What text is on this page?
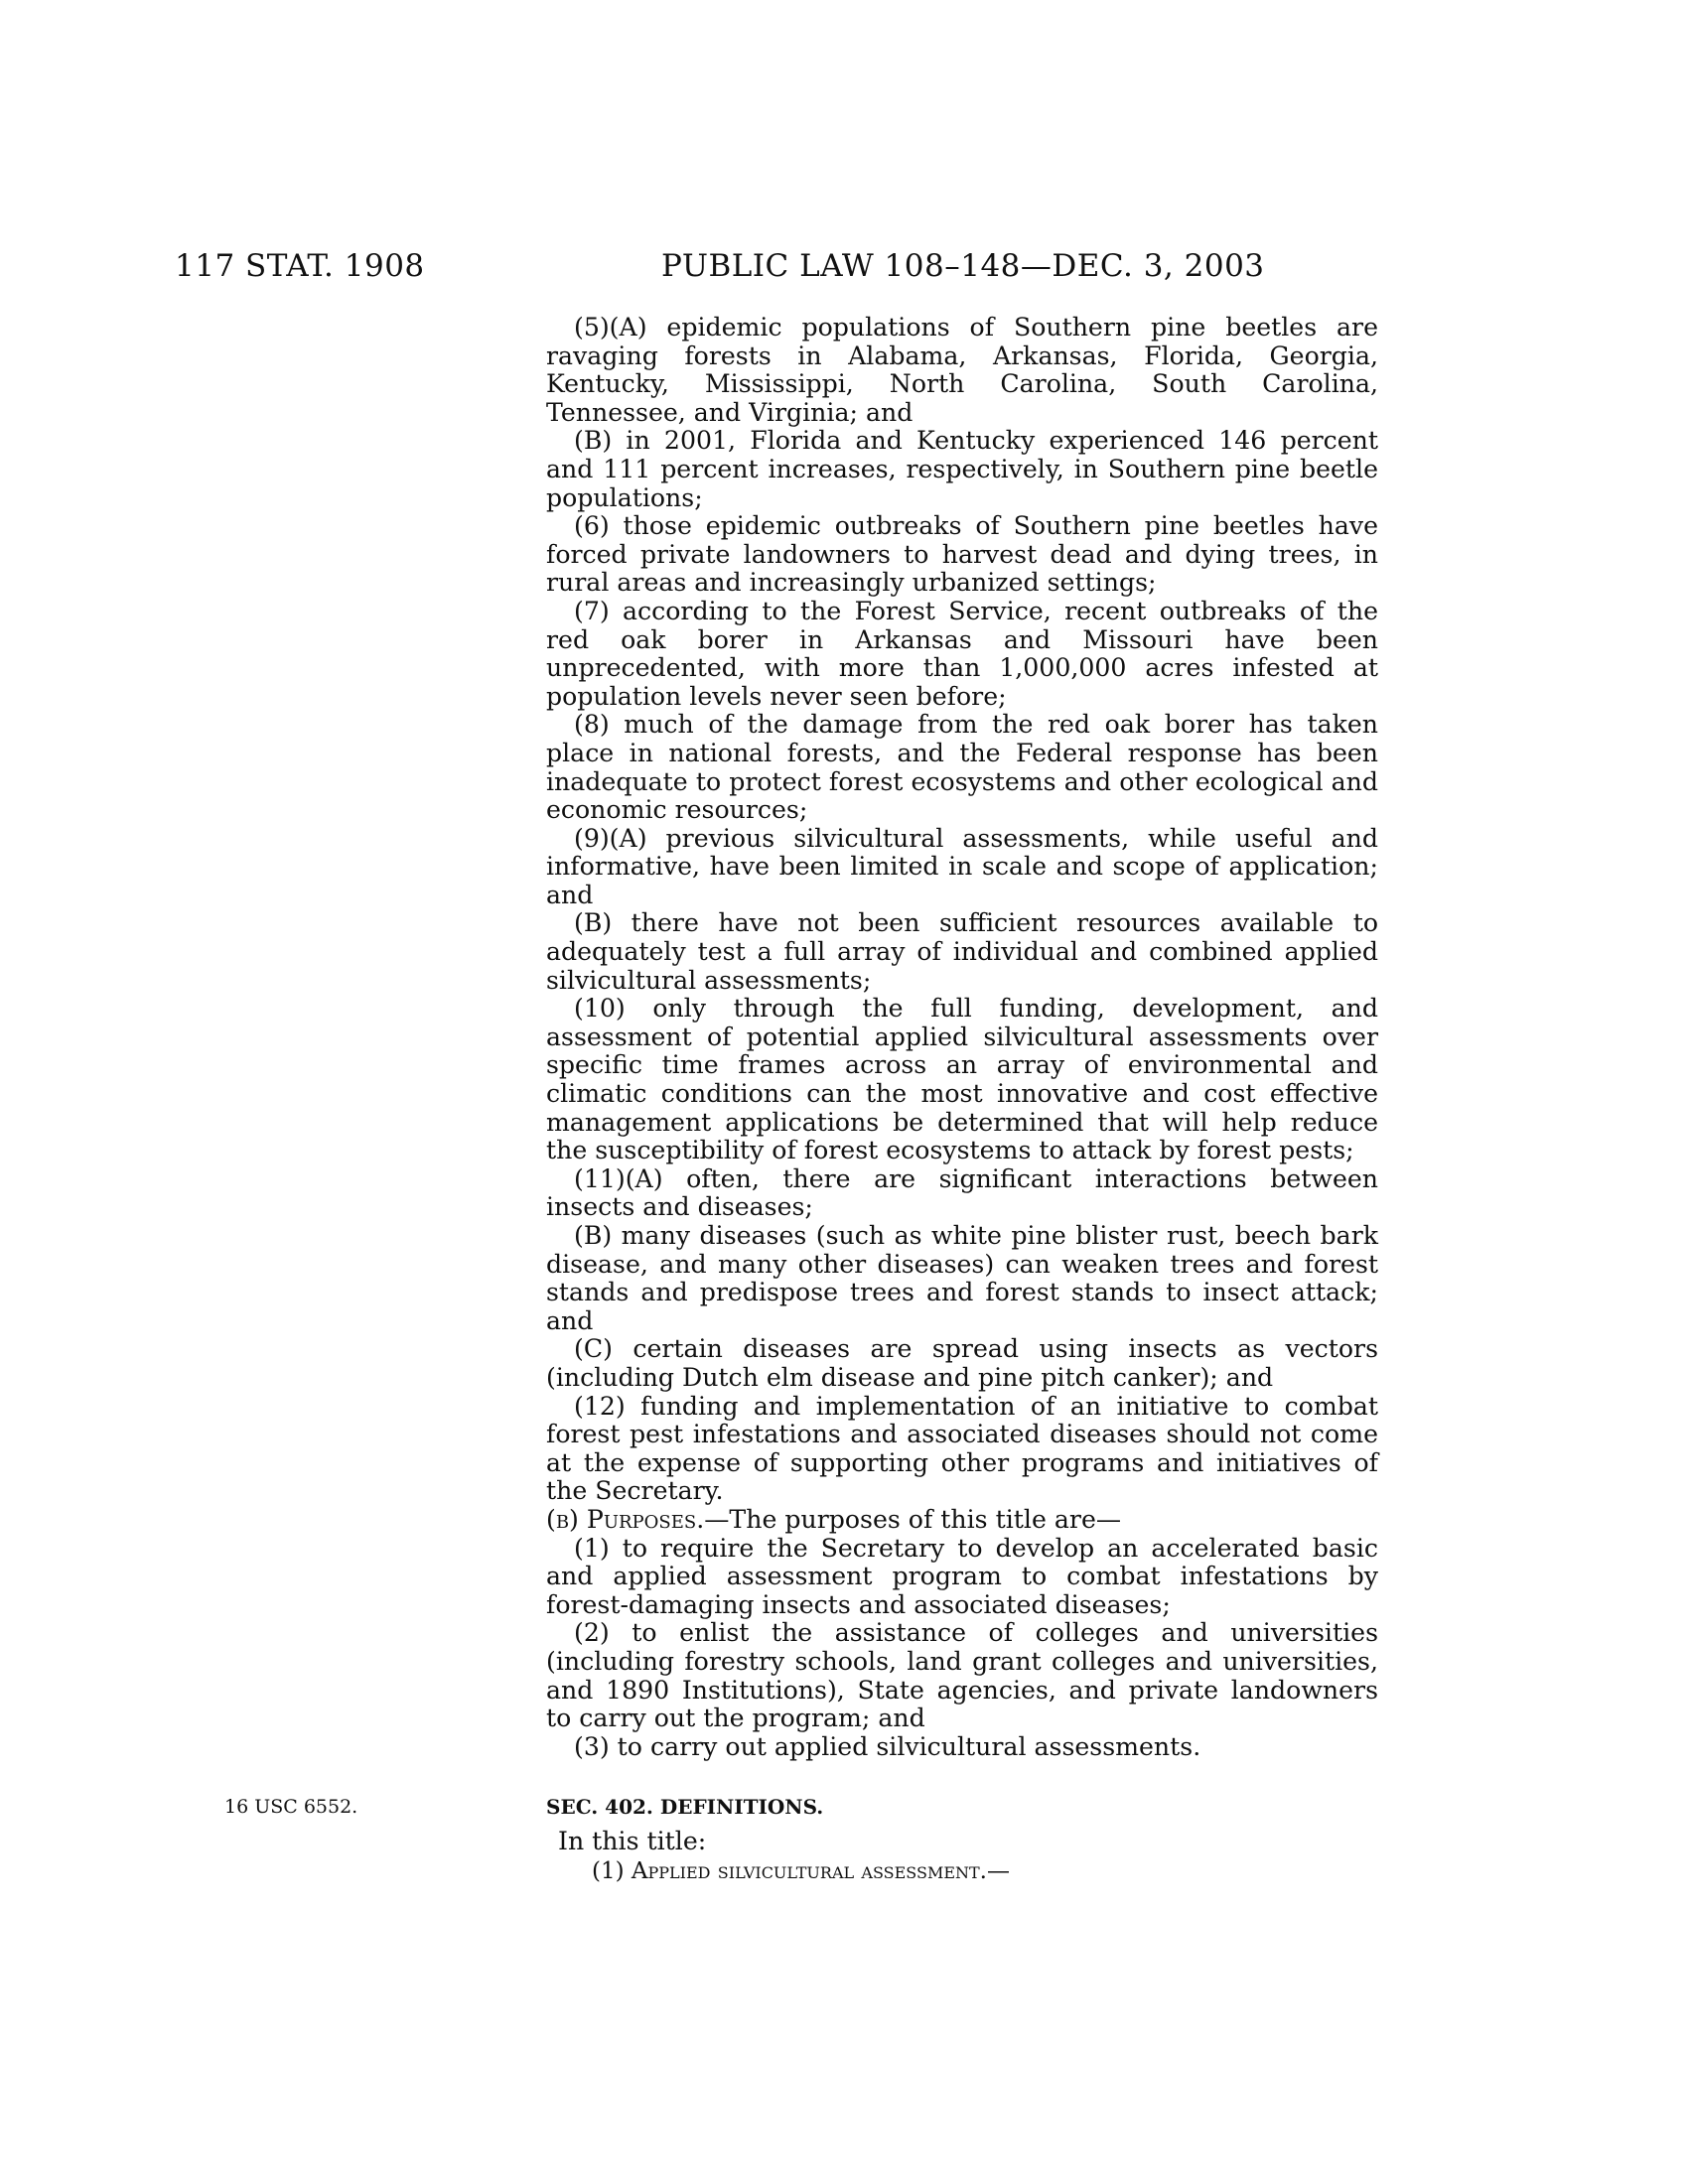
117 STAT. 1908	PUBLIC LAW 108–148—DEC. 3, 2003

(5)(A) epidemic populations of Southern pine beetles are ravaging forests in Alabama, Arkansas, Florida, Georgia, Kentucky, Mississippi, North Carolina, South Carolina, Tennessee, and Virginia; and

(B) in 2001, Florida and Kentucky experienced 146 percent and 111 percent increases, respectively, in Southern pine beetle populations;

(6) those epidemic outbreaks of Southern pine beetles have forced private landowners to harvest dead and dying trees, in rural areas and increasingly urbanized settings;

(7) according to the Forest Service, recent outbreaks of the red oak borer in Arkansas and Missouri have been unprecedented, with more than 1,000,000 acres infested at population levels never seen before;

(8) much of the damage from the red oak borer has taken place in national forests, and the Federal response has been inadequate to protect forest ecosystems and other ecological and economic resources;

(9)(A) previous silvicultural assessments, while useful and informative, have been limited in scale and scope of application; and

(B) there have not been sufficient resources available to adequately test a full array of individual and combined applied silvicultural assessments;

(10) only through the full funding, development, and assessment of potential applied silvicultural assessments over specific time frames across an array of environmental and climatic conditions can the most innovative and cost effective management applications be determined that will help reduce the susceptibility of forest ecosystems to attack by forest pests;

(11)(A) often, there are significant interactions between insects and diseases;

(B) many diseases (such as white pine blister rust, beech bark disease, and many other diseases) can weaken trees and forest stands and predispose trees and forest stands to insect attack; and

(C) certain diseases are spread using insects as vectors (including Dutch elm disease and pine pitch canker); and

(12) funding and implementation of an initiative to combat forest pest infestations and associated diseases should not come at the expense of supporting other programs and initiatives of the Secretary.

(b) Purposes.—The purposes of this title are—

(1) to require the Secretary to develop an accelerated basic and applied assessment program to combat infestations by forest-damaging insects and associated diseases;

(2) to enlist the assistance of colleges and universities (including forestry schools, land grant colleges and universities, and 1890 Institutions), State agencies, and private landowners to carry out the program; and

(3) to carry out applied silvicultural assessments.

16 USC 6552.	SEC. 402. DEFINITIONS.
In this title:
(1) Applied silvicultural assessment.—
